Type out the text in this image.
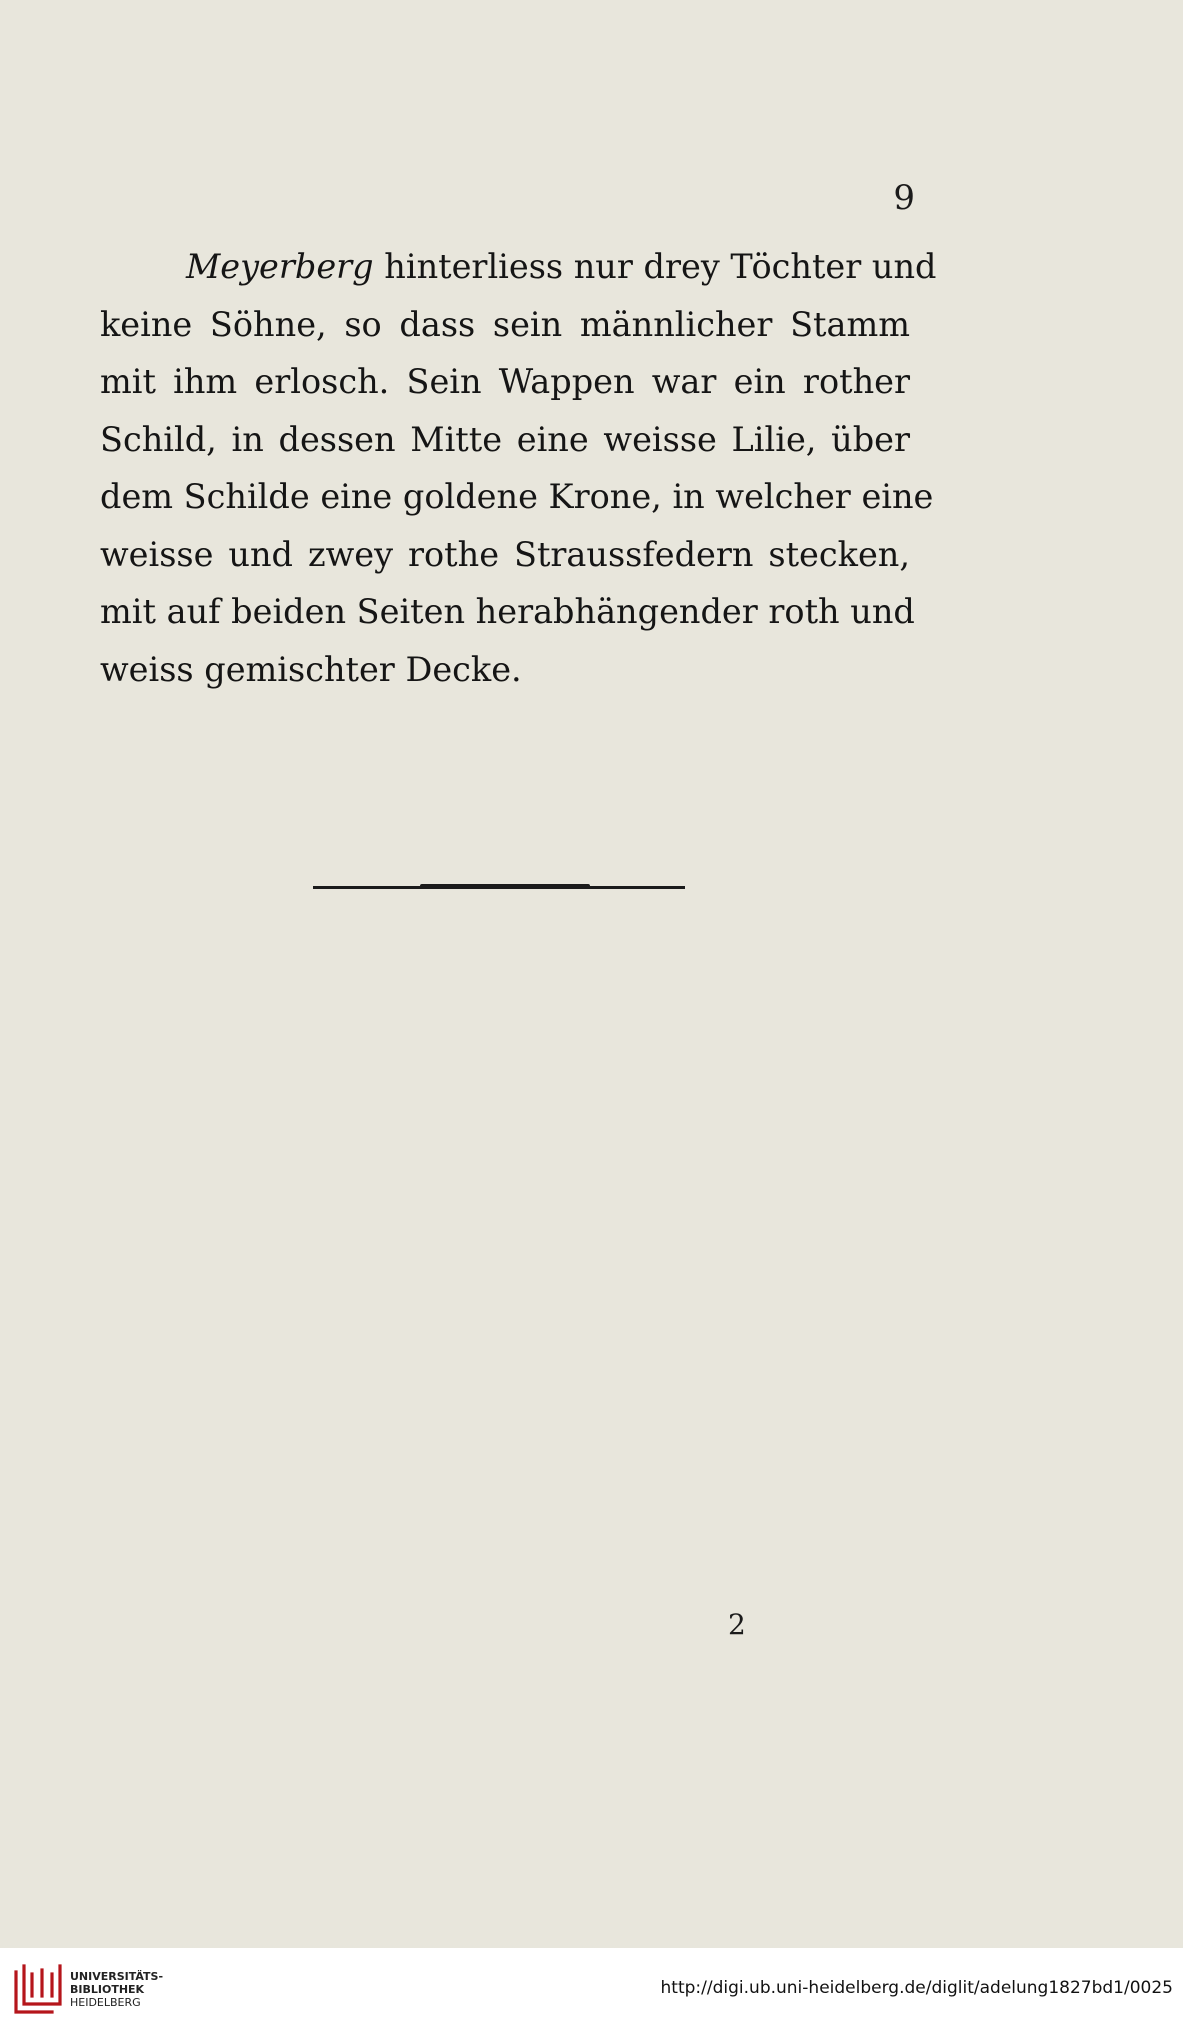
9
Meyerberg hinterliess nur drey Töchter und
keine Söhne, so dass sein männlicher Stamm
mit ihm erlosch. Sein Wappen war ein rother
Schild, in dessen Mitte eine weisse Lilie, über
dem Schilde eine goldene Krone, in welcher eine
weisse und zwey rothe Straussfedern stecken,
mit auf beiden Seiten herabhängender roth und
weiss gemischter Decke.
2
UNIVERSITÄTS-
BIBLIOTHEK
HEIDELBERG
http://digi.ub.uni-heidelberg.de/diglit/adelung1827bd1/0025
